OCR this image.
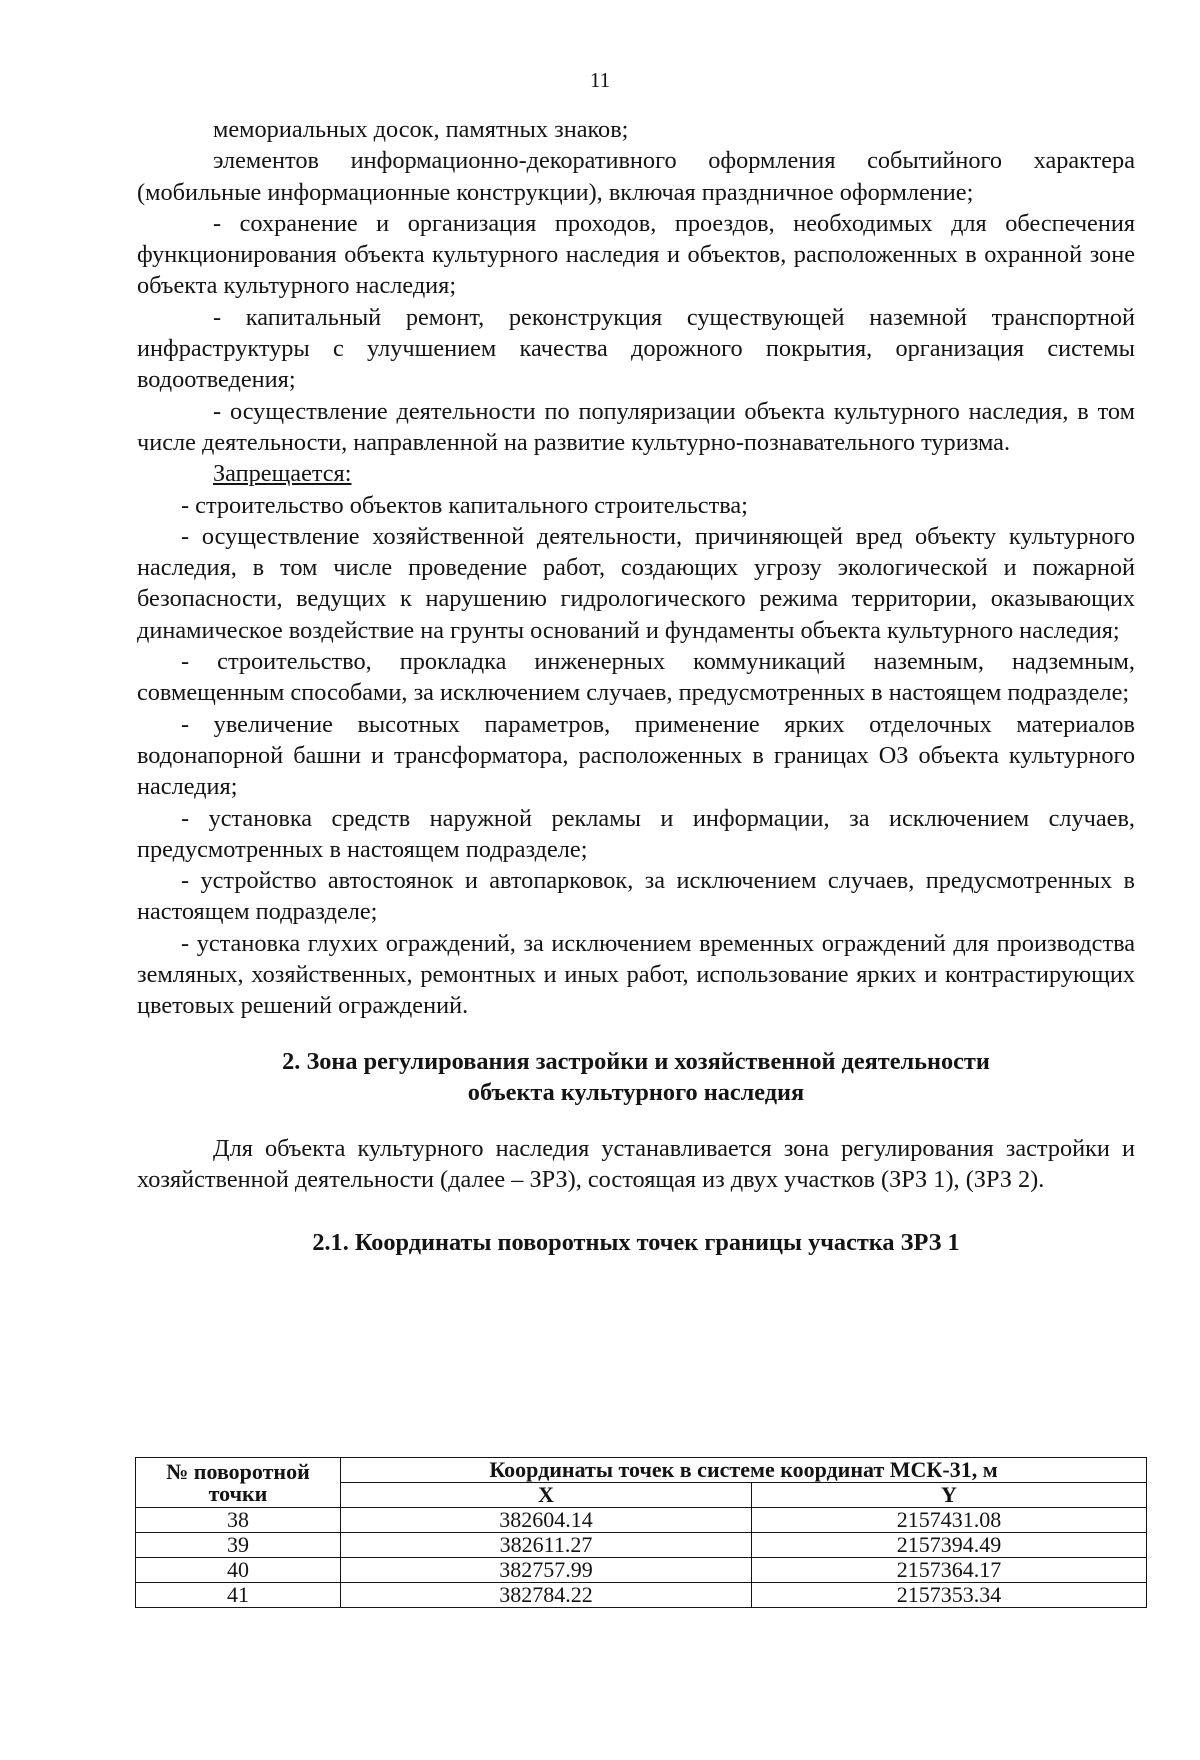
11

мемориальных досок, памятных знаков;

элементов информационно-декоративного оформления событийного характера (мобильные информационные конструкции), включая праздничное оформление;

- сохранение и организация проходов, проездов, необходимых для обеспечения функционирования объекта культурного наследия и объектов, расположенных в охранной зоне объекта культурного наследия;

- капитальный ремонт, реконструкция существующей наземной транспортной инфраструктуры с улучшением качества дорожного покрытия, организация системы водоотведения;

- осуществление деятельности по популяризации объекта культурного наследия, в том числе деятельности, направленной на развитие культурно-познавательного туризма.

Запрещается:

- строительство объектов капитального строительства;

- осуществление хозяйственной деятельности, причиняющей вред объекту культурного наследия, в том числе проведение работ, создающих угрозу экологической и пожарной безопасности, ведущих к нарушению гидрологического режима территории, оказывающих динамическое воздействие на грунты оснований и фундаменты объекта культурного наследия;

- строительство, прокладка инженерных коммуникаций наземным, надземным, совмещенным способами, за исключением случаев, предусмотренных в настоящем подразделе;

- увеличение высотных параметров, применение ярких отделочных материалов водонапорной башни и трансформатора, расположенных в границах ОЗ объекта культурного наследия;

- установка средств наружной рекламы и информации, за исключением случаев, предусмотренных в настоящем подразделе;

- устройство автостоянок и автопарковок, за исключением случаев, предусмотренных в настоящем подразделе;

- установка глухих ограждений, за исключением временных ограждений для производства земляных, хозяйственных, ремонтных и иных работ, использование ярких и контрастирующих цветовых решений ограждений.

2. Зона регулирования застройки и хозяйственной деятельности
объекта культурного наследия

Для объекта культурного наследия устанавливается зона регулирования застройки и хозяйственной деятельности (далее – ЗРЗ), состоящая из двух участков (ЗРЗ 1), (ЗРЗ 2).

2.1. Координаты поворотных точек границы участка ЗРЗ 1
№ поворотной точки	Координаты точек в системе координат МСК-31, м	
	X	Y
38	382604.14	2157431.08
39	382611.27	2157394.49
40	382757.99	2157364.17
41	382784.22	2157353.34
